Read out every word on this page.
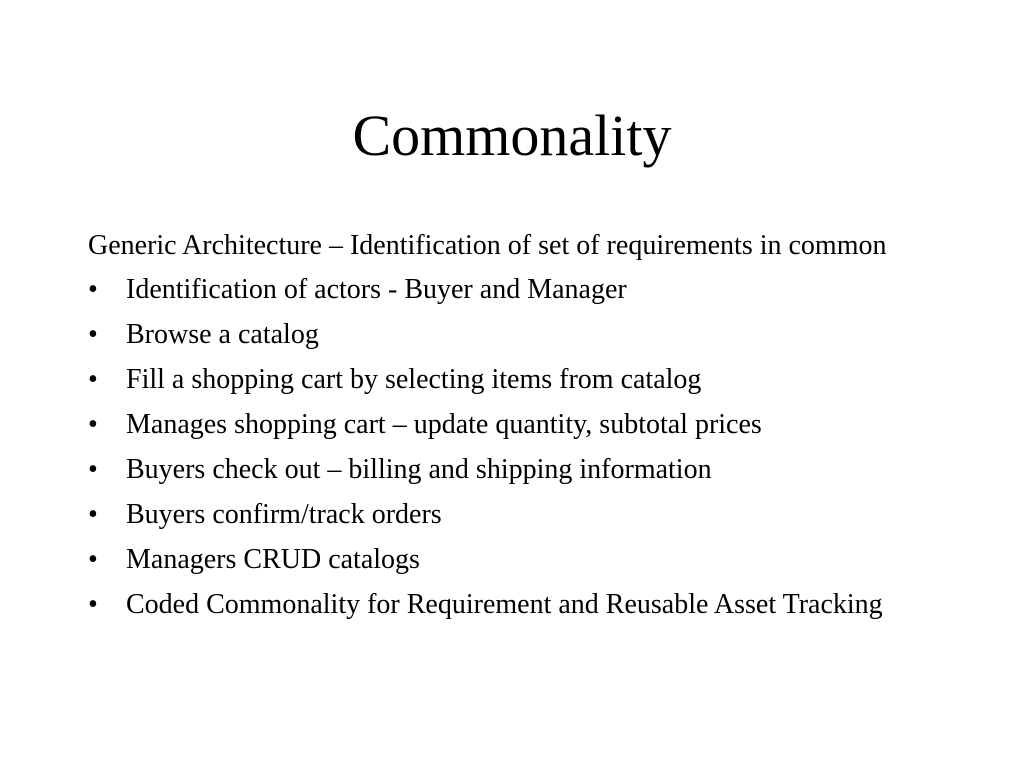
Commonality

Generic Architecture – Identification of set of requirements in common

•	Identification of actors - Buyer and Manager
•	Browse a catalog
•	Fill a shopping cart by selecting items from catalog
•	Manages shopping cart – update quantity, subtotal prices
•	Buyers check out – billing and shipping information
•	Buyers confirm/track orders
•	Managers CRUD catalogs
•	Coded Commonality for Requirement and Reusable Asset Tracking
